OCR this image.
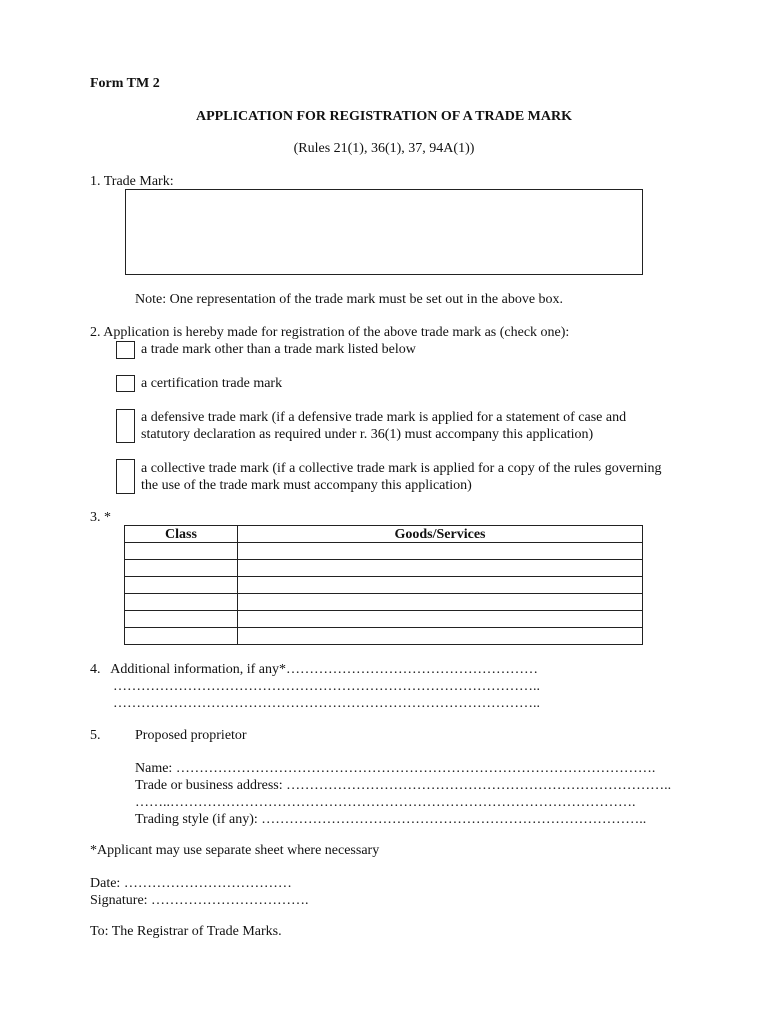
Form TM 2
APPLICATION FOR REGISTRATION OF A TRADE MARK
(Rules 21(1), 36(1), 37, 94A(1))
1. Trade Mark:
Note: One representation of the trade mark must be set out in the above box.
2. Application is hereby made for registration of the above trade mark as (check one):
a trade mark other than a trade mark listed below
a certification trade mark
a defensive trade mark (if a defensive trade mark is applied for a statement of case and
statutory declaration as required under r. 36(1) must accompany this application)
a collective trade mark (if a collective trade mark is applied for a copy of the rules governing
the use of the trade mark must accompany this application)
3. *
Class	Goods/Services

4.   Additional information, if any*………………………………………………
………………………………………………………………………………..
………………………………………………………………………………..
5. Proposed proprietor
Name: ………………………………………………………………………………………….
Trade or business address: ………………………………………………………………………..
……..……………………………………………………………………………………….
Trading style (if any): ………………………………………………………………………..
*Applicant may use separate sheet where necessary
Date: ………………………………
Signature: …………………………….
To: The Registrar of Trade Marks.
